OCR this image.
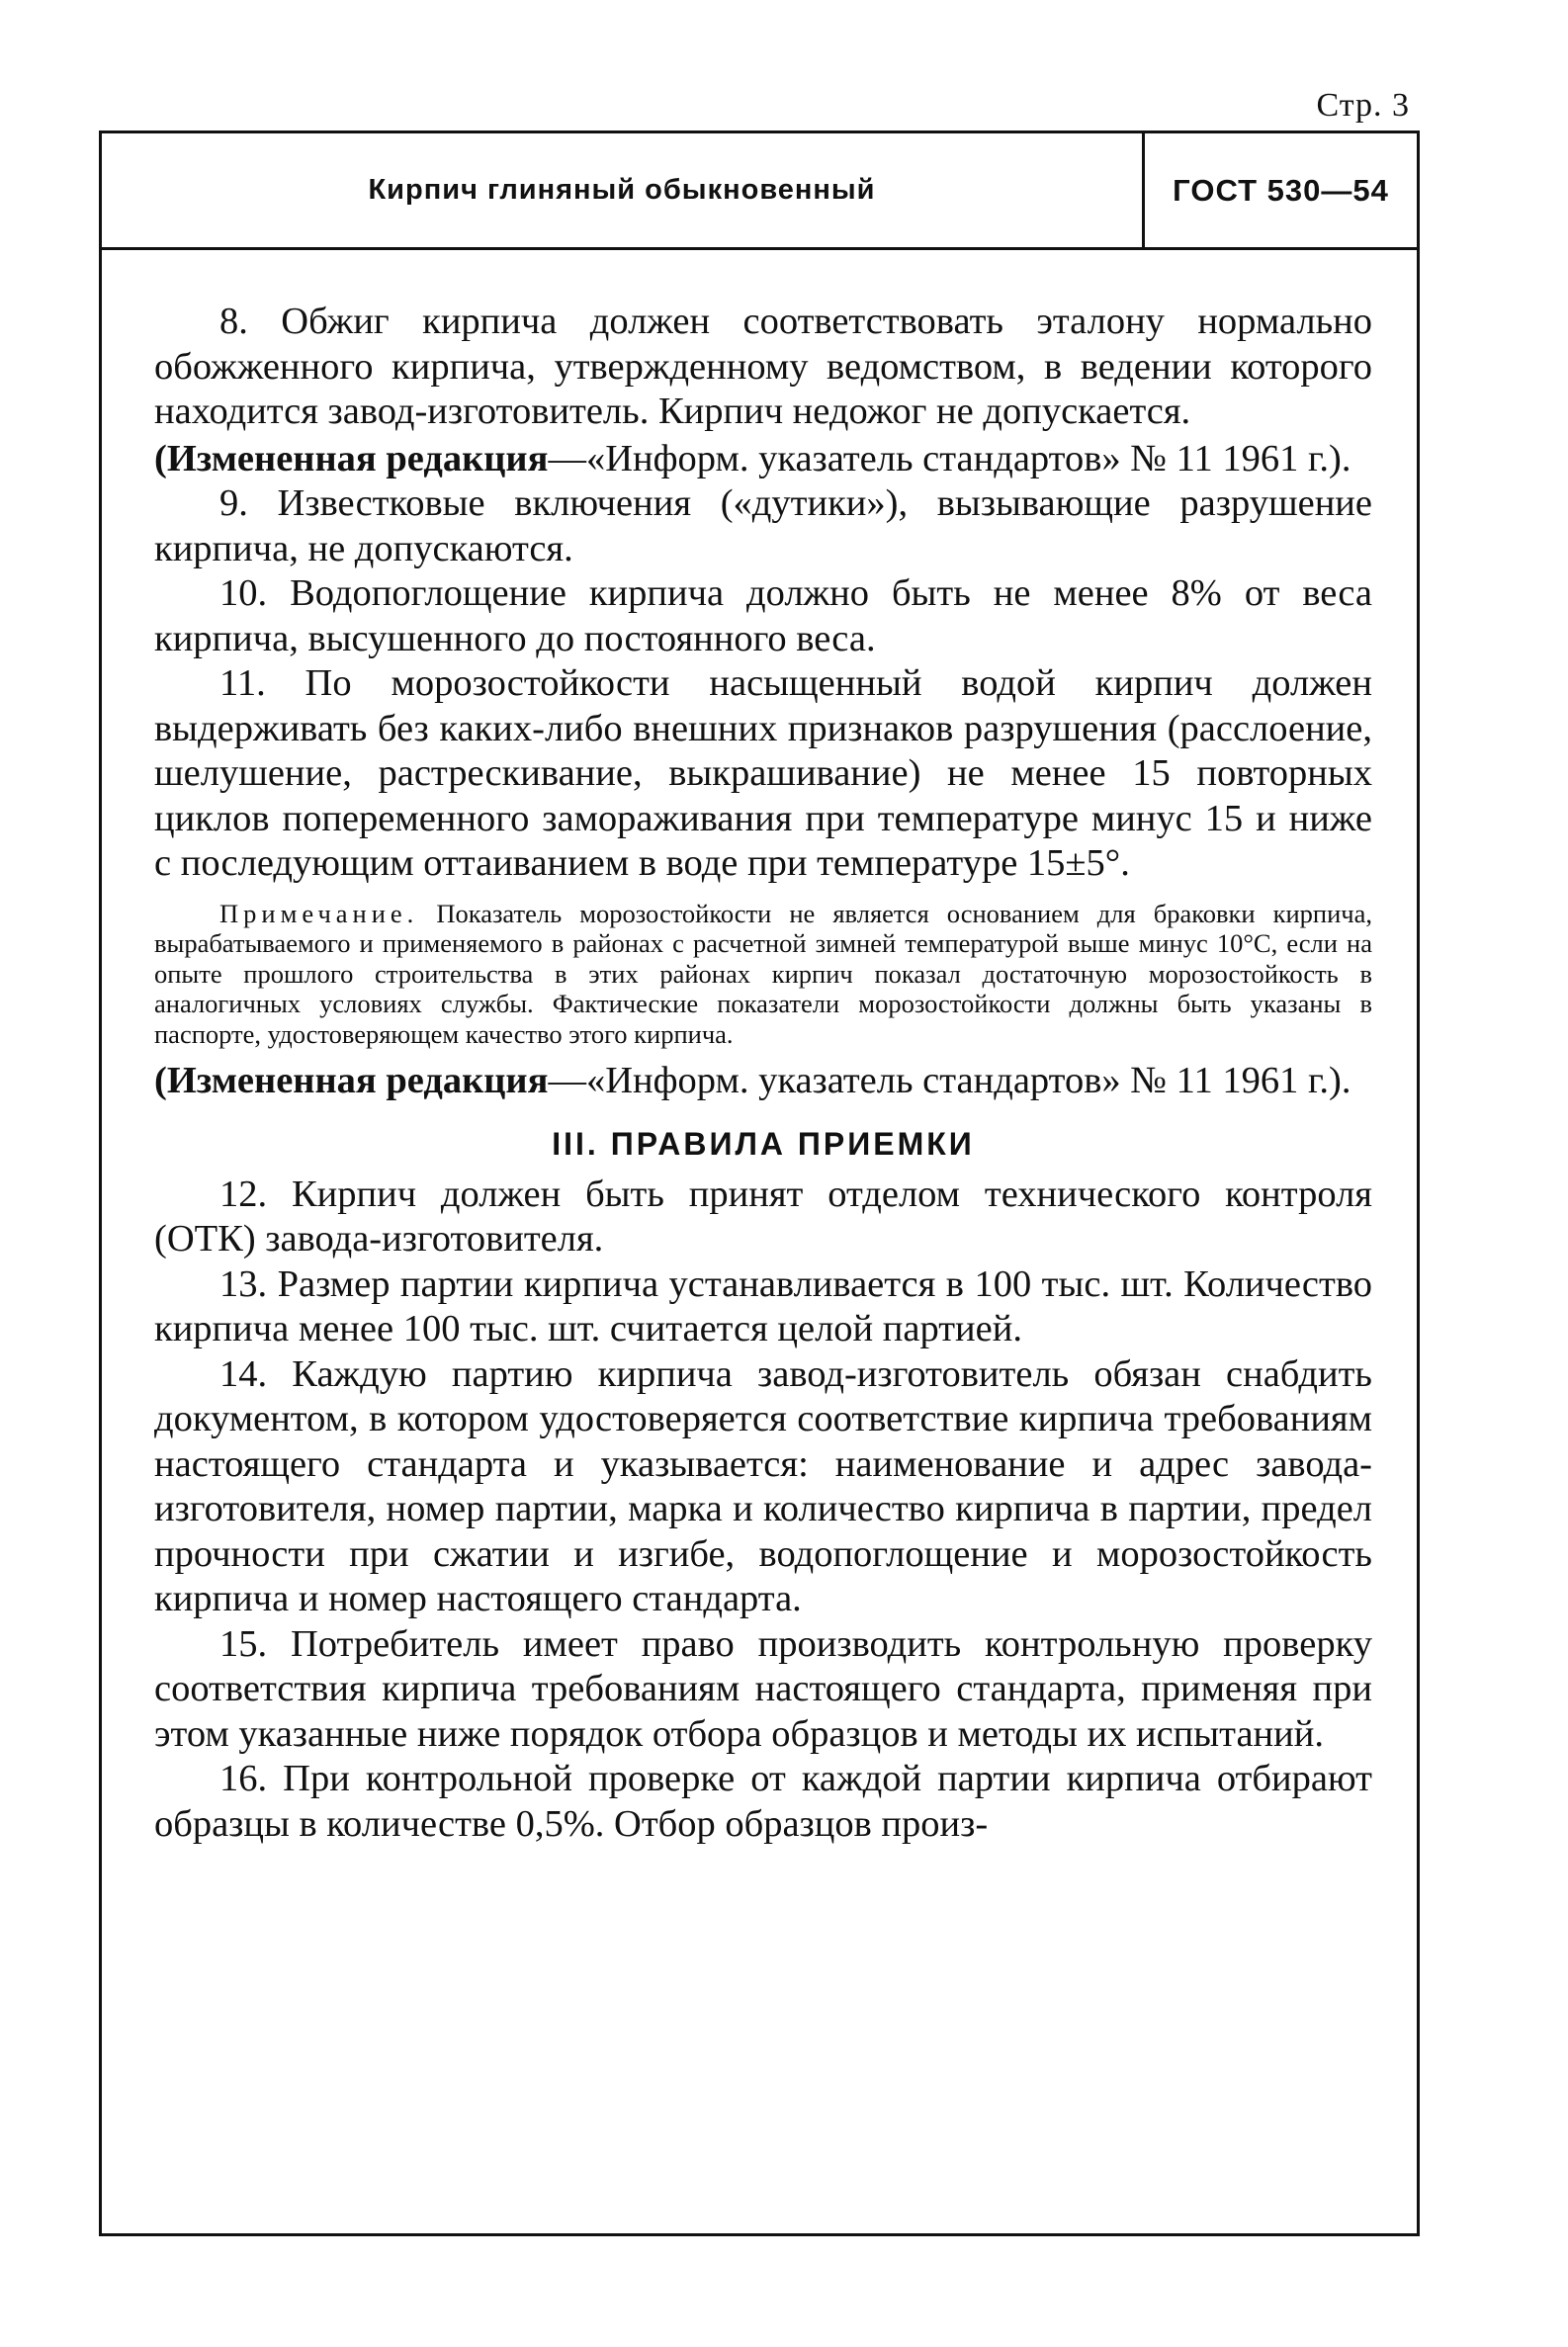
Стр. 3
Кирпич глиняный обыкновенный	ГОСТ 530—54

8. Обжиг кирпича должен соответствовать эталону нормально обожженного кирпича, утвержденному ведомством, в ведении которого находится завод-изготовитель. Кирпич недожог не допускается.

(Измененная редакция—«Информ. указатель стандартов» № 11 1961 г.).

9. Известковые включения («дутики»), вызывающие разрушение кирпича, не допускаются.

10. Водопоглощение кирпича должно быть не менее 8% от веса кирпича, высушенного до постоянного веса.

11. По морозостойкости насыщенный водой кирпич должен выдерживать без каких-либо внешних признаков разрушения (расслоение, шелушение, растрескивание, выкрашивание) не менее 15 повторных циклов попеременного замораживания при температуре минус 15 и ниже с последующим оттаиванием в воде при температуре 15±5°.

Примечание. Показатель морозостойкости не является основанием для браковки кирпича, вырабатываемого и применяемого в районах с расчетной зимней температурой выше минус 10°С, если на опыте прошлого строительства в этих районах кирпич показал достаточную морозостойкость в аналогичных условиях службы. Фактические показатели морозостойкости должны быть указаны в паспорте, удостоверяющем качество этого кирпича.

(Измененная редакция—«Информ. указатель стандартов» № 11 1961 г.).

III. ПРАВИЛА ПРИЕМКИ

12. Кирпич должен быть принят отделом технического контроля (ОТК) завода-изготовителя.

13. Размер партии кирпича устанавливается в 100 тыс. шт. Количество кирпича менее 100 тыс. шт. считается целой партией.

14. Каждую партию кирпича завод-изготовитель обязан снабдить документом, в котором удостоверяется соответствие кирпича требованиям настоящего стандарта и указывается: наименование и адрес завода-изготовителя, номер партии, марка и количество кирпича в партии, предел прочности при сжатии и изгибе, водопоглощение и морозостойкость кирпича и номер настоящего стандарта.

15. Потребитель имеет право производить контрольную проверку соответствия кирпича требованиям настоящего стандарта, применяя при этом указанные ниже порядок отбора образцов и методы их испытаний.

16. При контрольной проверке от каждой партии кирпича отбирают образцы в количестве 0,5%. Отбор образцов произ-
